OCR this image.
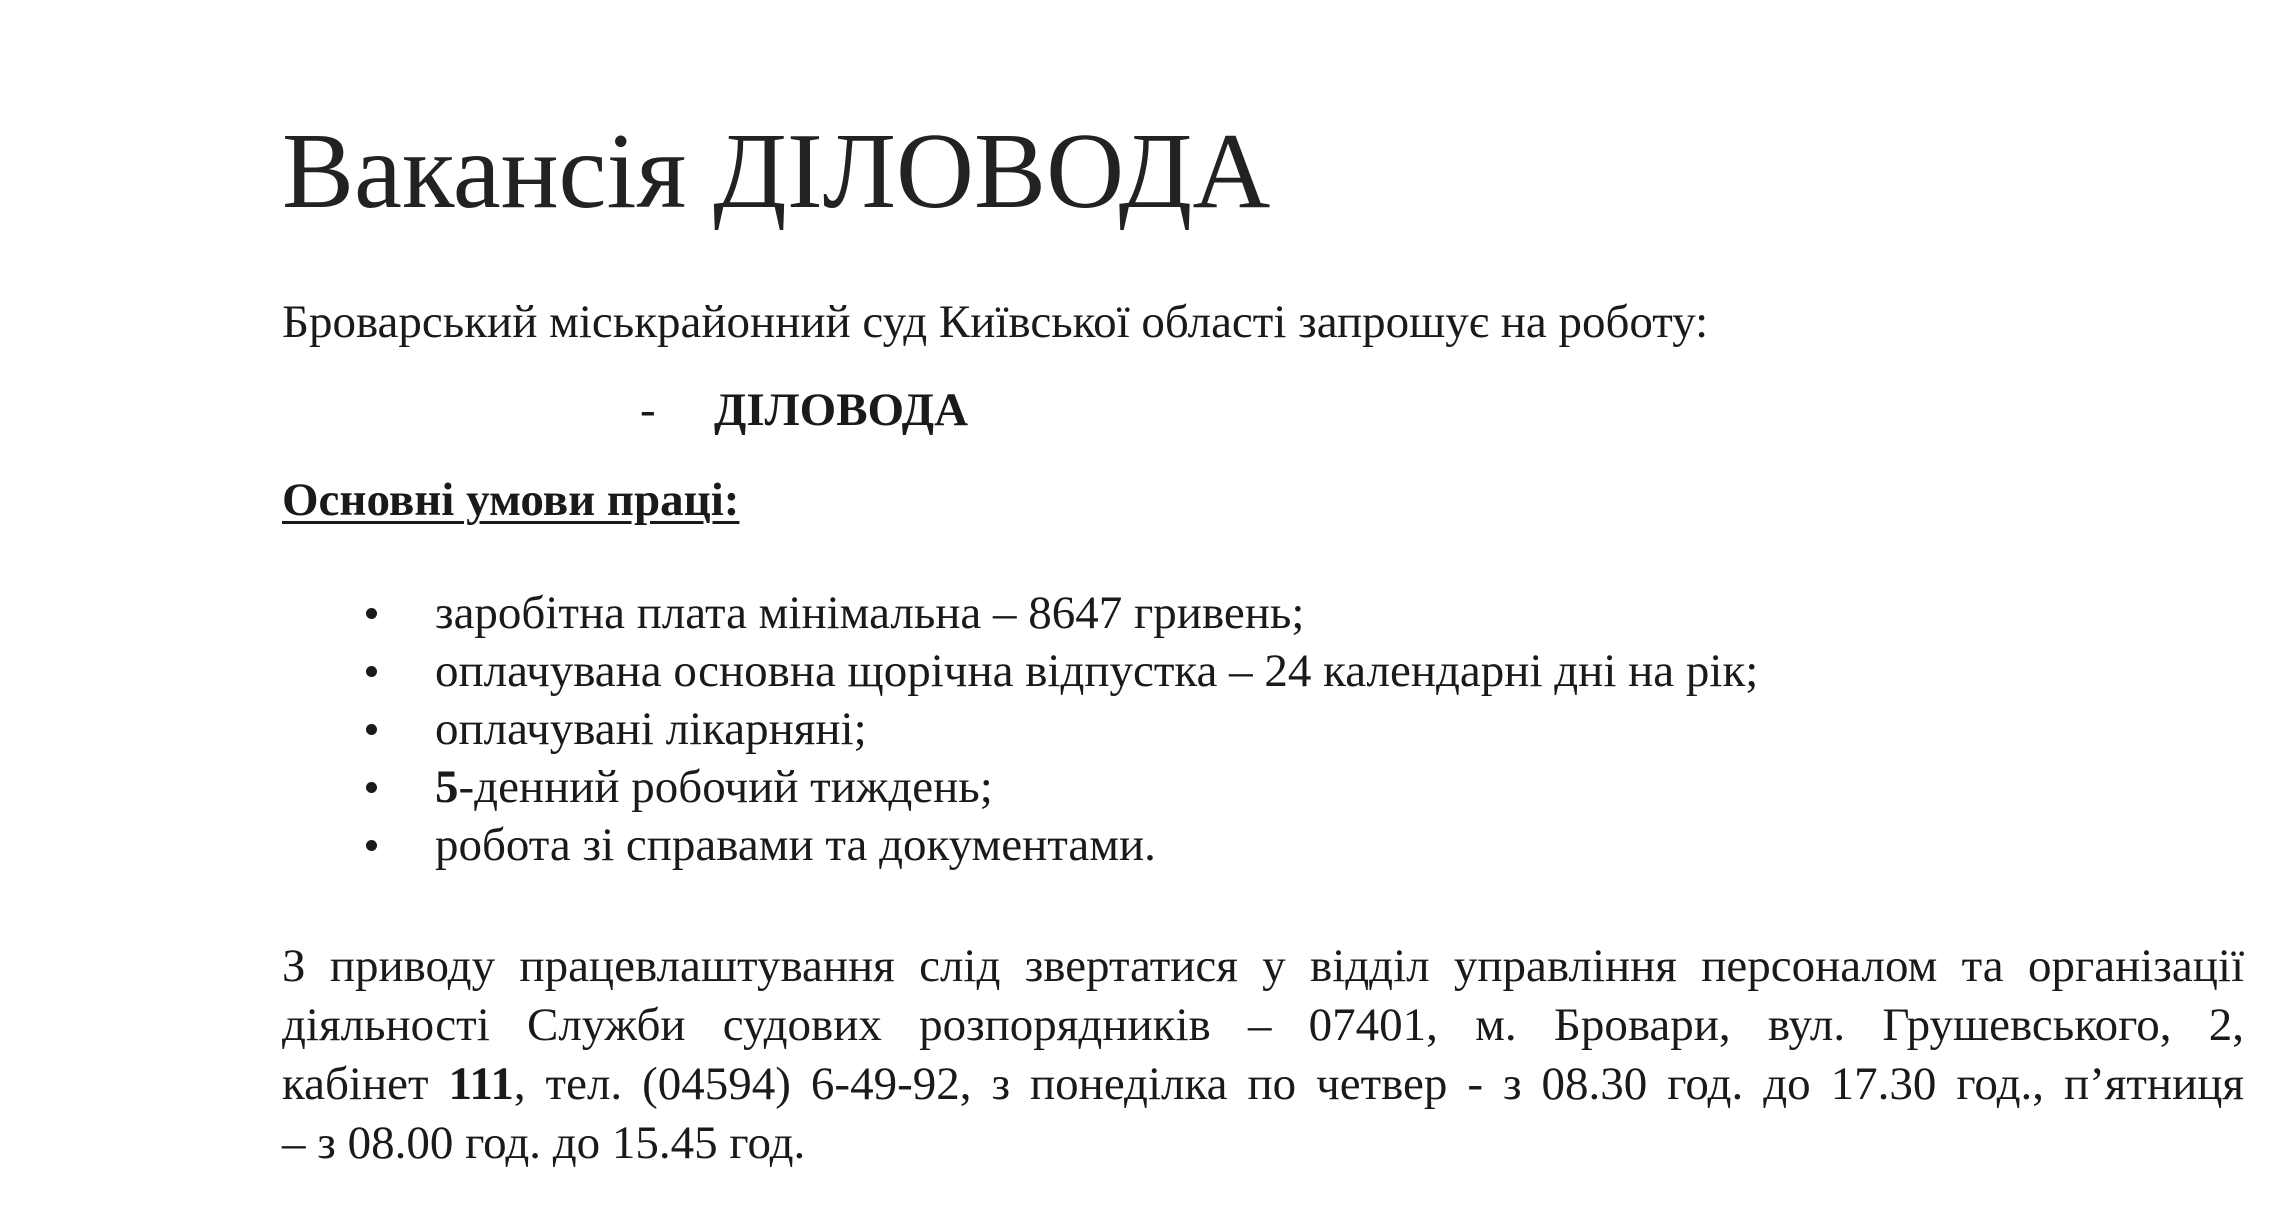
Вакансія ДІЛОВОДА
Броварський міськрайонний суд Київської області запрошує на роботу:
- ДІЛОВОДА
Основні умови праці:
заробітна плата мінімальна – 8647 гривень;
оплачувана основна щорічна відпустка – 24 календарні дні на рік;
оплачувані лікарняні;
5-денний робочий тиждень;
робота зі справами та документами.
З приводу працевлаштування слід звертатися у відділ управління персоналом та організації
діяльності Служби судових розпорядників – 07401, м. Бровари, вул. Грушевського, 2,
кабінет 111, тел. (04594) 6-49-92, з понеділка по четвер - з 08.30 год. до 17.30 год., п’ятниця
– з 08.00 год. до 15.45 год.
